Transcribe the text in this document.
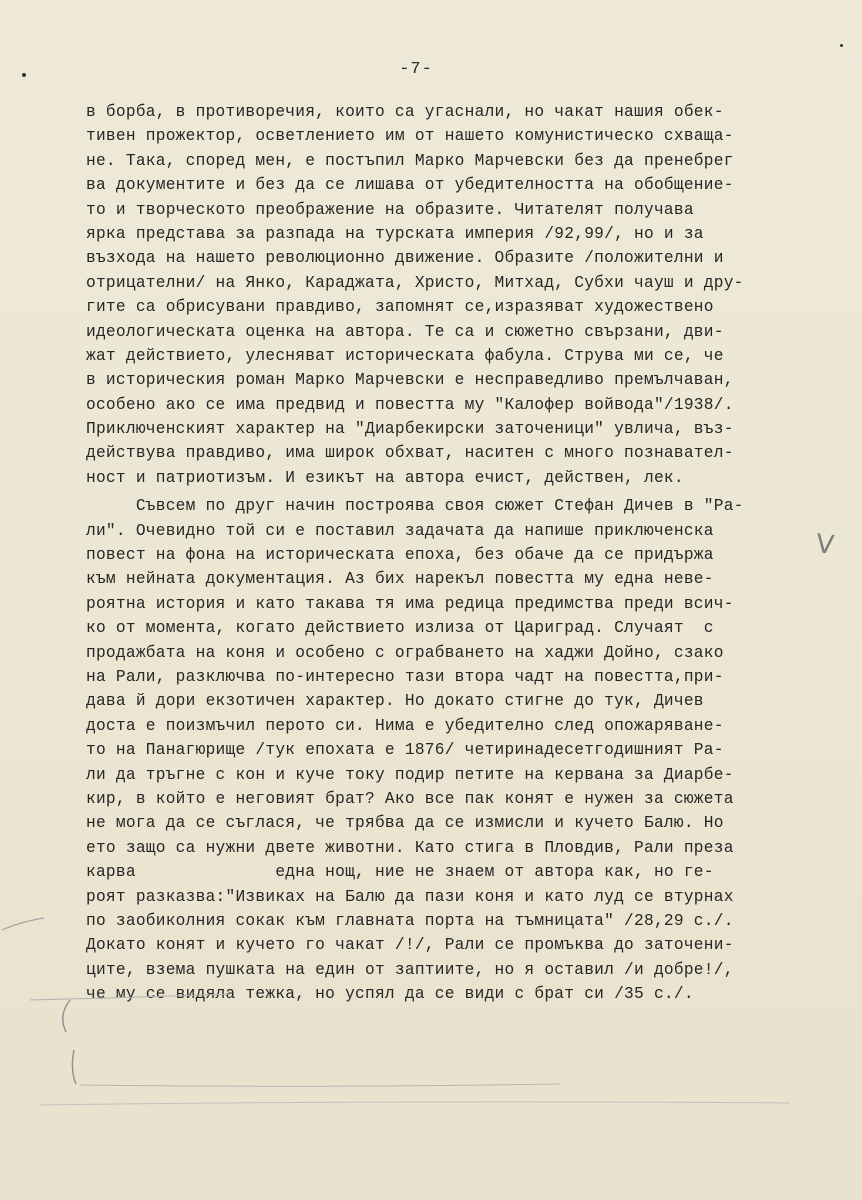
-7-
в борба, в противоречия, които са угаснали, но чакат нашия обек-
тивен прожектор, осветлението им от нашето комунистическо схваща-
не. Така, според мен, е постъпил Марко Марчевски без да пренебрег
ва документите и без да се лишава от убедителността на обобщение-
то и творческото преображение на образите. Читателят получава
ярка представа за разпада на турската империя /92,99/, но и за
възхода на нашето революционно движение. Образите /положителни и
отрицателни/ на Янко, Караджата, Христо, Митхад, Субхи чауш и дру-
гите са обрисувани правдиво, запомнят се,изразяват художествено
идеологическата оценка на автора. Те са и сюжетно свързани, дви-
жат действието, улесняват историческата фабула. Струва ми се, че
в историческия роман Марко Марчевски е несправедливо премълчаван,
особено ако се има предвид и повестта му "Калофер войвода"/1938/.
Приключенският характер на "Диарбекирски заточеници" увлича, въз-
действува правдиво, има широк обхват, наситен с много познавател-
ност и патриотизъм. И езикът на автора ечист, действен, лек.
Съвсем по друг начин построява своя сюжет Стефан Дичев в "Ра-
ли". Очевидно той си е поставил задачата да напише приключенска
повест на фона на историческата епоха, без обаче да се придържа
към нейната документация. Аз бих нарекъл повестта му една неве-
роятна история и като такава тя има редица предимства преди всич-
ко от момента, когато действието излиза от Цариград. Случаят  с
продажбата на коня и особено с ограбването на хаджи Дойно, сзако
на Рали, разключва по-интересно тази втора чадт на повестта,при-
дава й дори екзотичен характер. Но докато стигне до тук, Дичев
доста е поизмъчил перото си. Нима е убедително след опожаряване-
то на Панагюрище /тук епохата е 1876/ четиринадесетгодишният Ра-
ли да тръгне с кон и куче току подир петите на кервана за Диарбе-
кир, в който е неговият брат? Ако все пак конят е нужен за сюжета
не мога да се съглася, че трябва да се измисли и кучето Балю. Но
ето защо са нужни двете животни. Като стига в Пловдив, Рали преза
карва              една нощ, ние не знаем от автора как, но ге-
роят разказва:"Извиках на Балю да пази коня и като луд се втурнах
по заобиколния сокак към главната порта на тъмницата" /28,29 с./.
Докато конят и кучето го чакат /!/, Рали се промъква до заточени-
ците, взема пушката на един от заптиите, но я оставил /и добре!/,
че му се видяла тежка, но успял да се види с брат си /35 с./.
V
